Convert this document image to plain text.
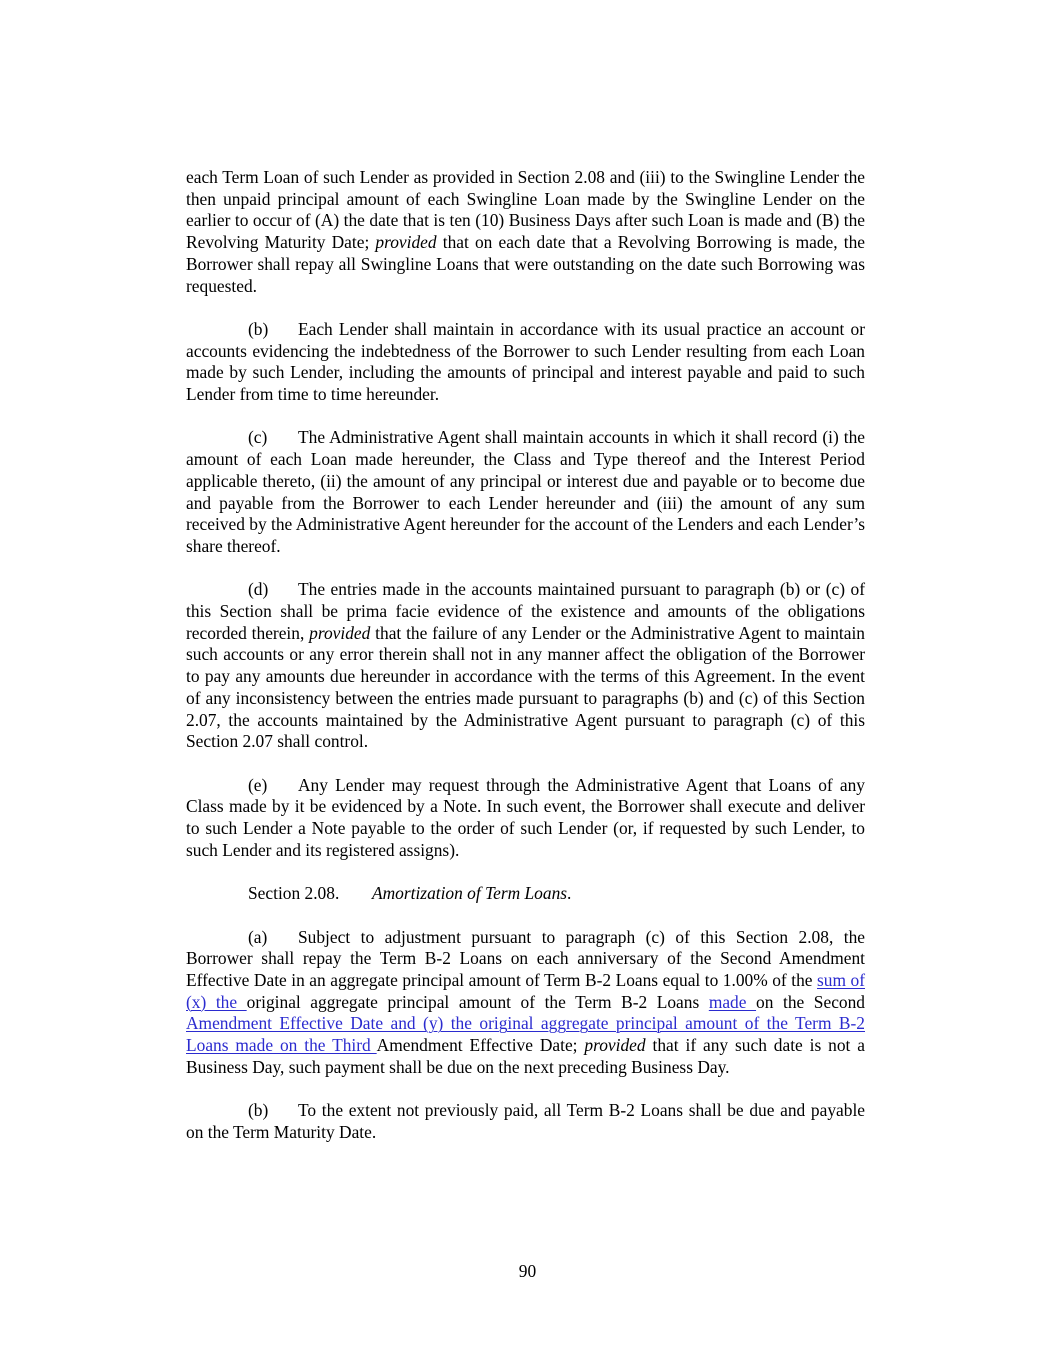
each Term Loan of such Lender as provided in Section 2.08 and (iii) to the Swingline Lender the then unpaid principal amount of each Swingline Loan made by the Swingline Lender on the earlier to occur of (A) the date that is ten (10) Business Days after such Loan is made and (B) the Revolving Maturity Date; provided that on each date that a Revolving Borrowing is made, the Borrower shall repay all Swingline Loans that were outstanding on the date such Borrowing was requested.

(b) Each Lender shall maintain in accordance with its usual practice an account or accounts evidencing the indebtedness of the Borrower to such Lender resulting from each Loan made by such Lender, including the amounts of principal and interest payable and paid to such Lender from time to time hereunder.

(c) The Administrative Agent shall maintain accounts in which it shall record (i) the amount of each Loan made hereunder, the Class and Type thereof and the Interest Period applicable thereto, (ii) the amount of any principal or interest due and payable or to become due and payable from the Borrower to each Lender hereunder and (iii) the amount of any sum received by the Administrative Agent hereunder for the account of the Lenders and each Lender’s share thereof.

(d) The entries made in the accounts maintained pursuant to paragraph (b) or (c) of this Section shall be prima facie evidence of the existence and amounts of the obligations recorded therein, provided that the failure of any Lender or the Administrative Agent to maintain such accounts or any error therein shall not in any manner affect the obligation of the Borrower to pay any amounts due hereunder in accordance with the terms of this Agreement. In the event of any inconsistency between the entries made pursuant to paragraphs (b) and (c) of this Section 2.07, the accounts maintained by the Administrative Agent pursuant to paragraph (c) of this Section 2.07 shall control.

(e) Any Lender may request through the Administrative Agent that Loans of any Class made by it be evidenced by a Note. In such event, the Borrower shall execute and deliver to such Lender a Note payable to the order of such Lender (or, if requested by such Lender, to such Lender and its registered assigns).

Section 2.08. Amortization of Term Loans.

(a) Subject to adjustment pursuant to paragraph (c) of this Section 2.08, the Borrower shall repay the Term B-2 Loans on each anniversary of the Second Amendment Effective Date in an aggregate principal amount of Term B-2 Loans equal to 1.00% of the sum of (x) the original aggregate principal amount of the Term B-2 Loans made on the Second Amendment Effective Date and (y) the original aggregate principal amount of the Term B-2 Loans made on the Third Amendment Effective Date; provided that if any such date is not a Business Day, such payment shall be due on the next preceding Business Day.

(b) To the extent not previously paid, all Term B-2 Loans shall be due and payable on the Term Maturity Date.

90
